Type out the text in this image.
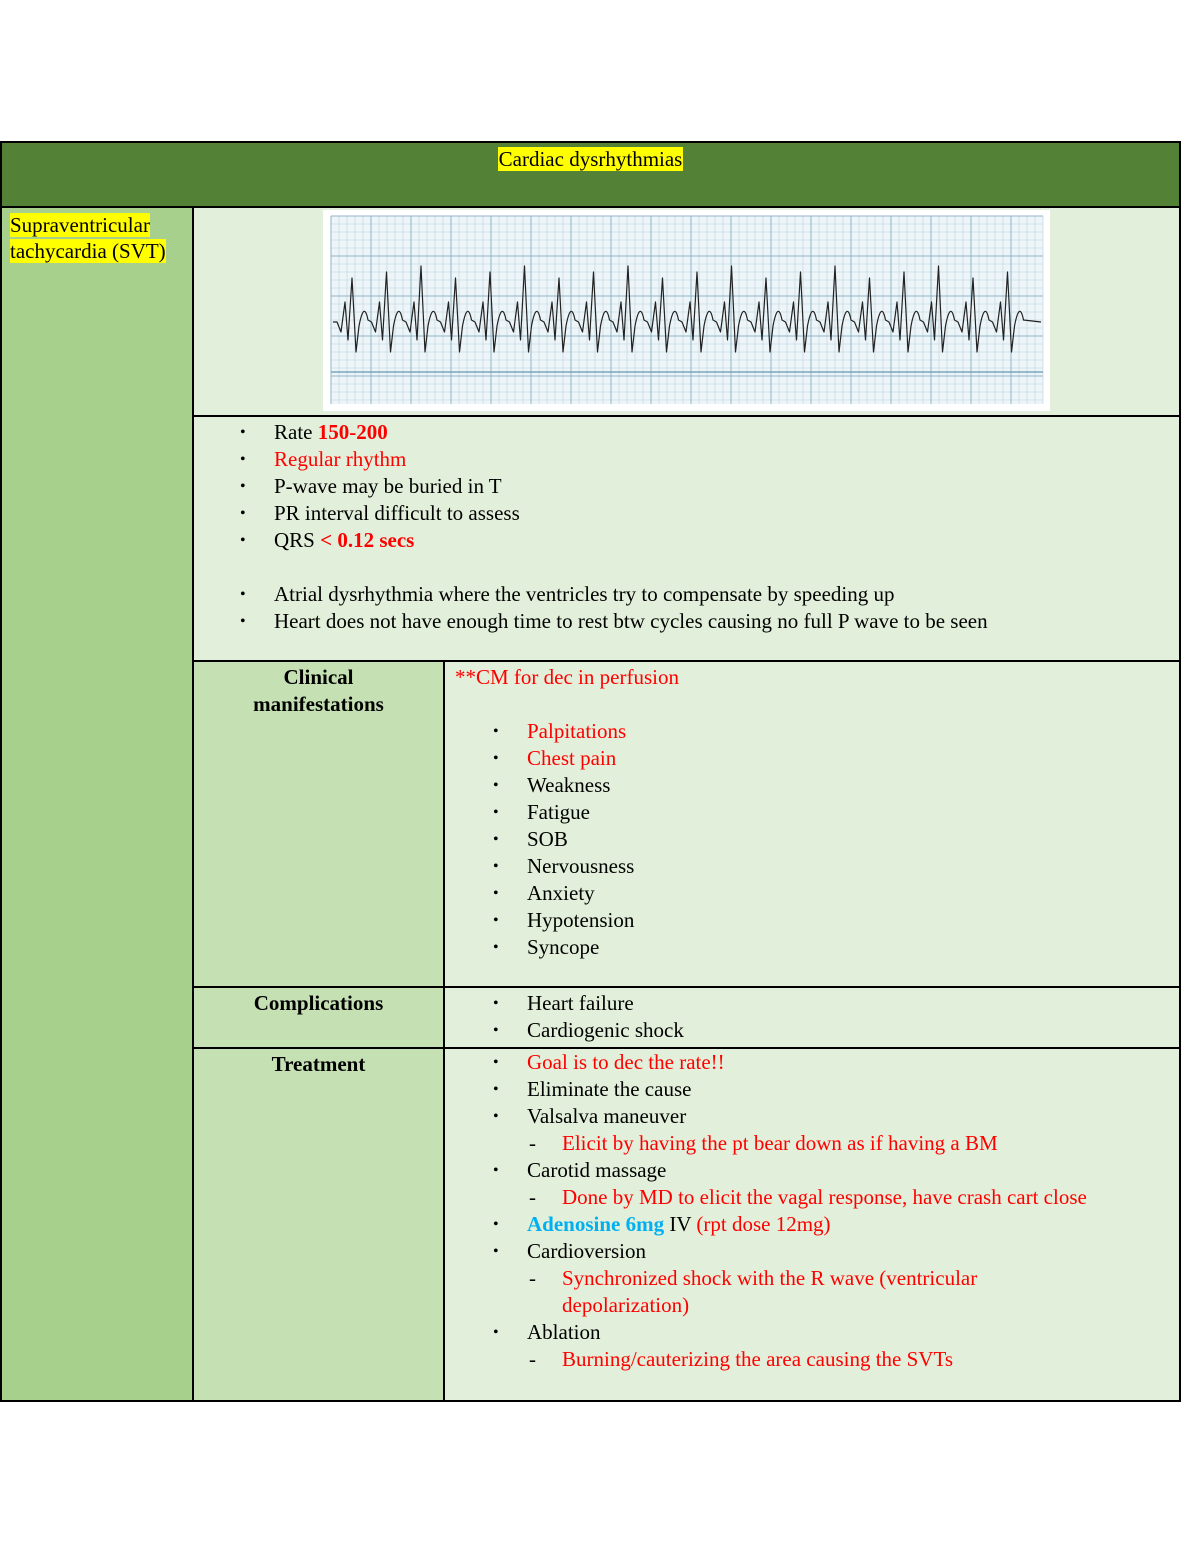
Cardiac dysrhythmias
Supraventricular
tachycardia (SVT)
• Rate 150-200
• Regular rhythm
• P-wave may be buried in T
• PR interval difficult to assess
• QRS < 0.12 secs
• Atrial dysrhythmia where the ventricles try to compensate by speeding up
• Heart does not have enough time to rest btw cycles causing no full P wave to be seen
Clinical
manifestations
**CM for dec in perfusion
• Palpitations
• Chest pain
• Weakness
• Fatigue
• SOB
• Nervousness
• Anxiety
• Hypotension
• Syncope
Complications	• Heart failure
• Cardiogenic shock
Treatment	• Goal is to dec the rate!!
• Eliminate the cause
• Valsalva maneuver
- Elicit by having the pt bear down as if having a BM
• Carotid massage
- Done by MD to elicit the vagal response, have crash cart close
• Adenosine 6mg IV (rpt dose 12mg)
• Cardioversion
- Synchronized shock with the R wave (ventricular
depolarization)
• Ablation
- Burning/cauterizing the area causing the SVTs
